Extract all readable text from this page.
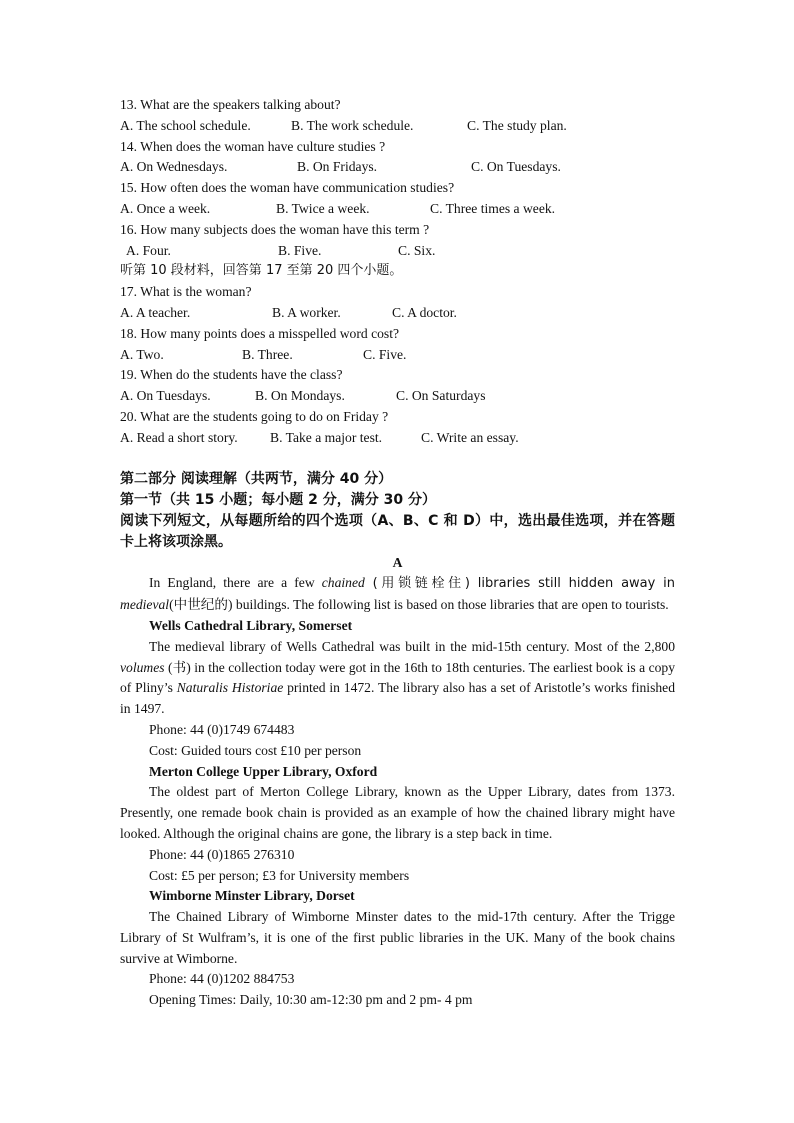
13. What are the speakers talking about?
A. The school schedule.	B. The work schedule.	C. The study plan.
14. When does the woman have culture studies ?
A. On Wednesdays.	B. On Fridays.	C. On Tuesdays.
15. How often does the woman have communication studies?
A. Once a week.	B. Twice a week.	C. Three times a week.
16. How many subjects does the woman have this term ?
A. Four.	B. Five.	C. Six.
听第 10 段材料，回答第 17 至第 20 四个小题。
17. What is the woman?
A. A teacher.	B. A worker.	C. A doctor.
18. How many points does a misspelled word cost?
A. Two.	B. Three.	C. Five.
19. When do the students have the class?
A. On Tuesdays.	B. On Mondays.	C. On Saturdays
20. What are the students going to do on Friday ?
A. Read a short story.	B. Take a major test.	C. Write an essay.
第二部分 阅读理解（共两节，满分 40 分）
第一节（共 15 小题；每小题 2 分，满分 30 分）
阅读下列短文，从每题所给的四个选项（A、B、C 和 D）中，选出最佳选项，并在答题卡上将该项涂黑。
A
In England, there are a few chained (用锁链栓住) libraries still hidden away in medieval(中世纪的) buildings. The following list is based on those libraries that are open to tourists.
Wells Cathedral Library, Somerset
The medieval library of Wells Cathedral was built in the mid-15th century. Most of the 2,800 volumes (书) in the collection today were got in the 16th to 18th centuries. The earliest book is a copy of Pliny’s Naturalis Historiae printed in 1472. The library also has a set of Aristotle’s works finished in 1497.
Phone: 44 (0)1749 674483
Cost: Guided tours cost £10 per person
Merton College Upper Library, Oxford
The oldest part of Merton College Library, known as the Upper Library, dates from 1373. Presently, one remade book chain is provided as an example of how the chained library might have looked. Although the original chains are gone, the library is a step back in time.
Phone: 44 (0)1865 276310
Cost: £5 per person; £3 for University members
Wimborne Minster Library, Dorset
The Chained Library of Wimborne Minster dates to the mid-17th century. After the Trigge Library of St Wulfram’s, it is one of the first public libraries in the UK. Many of the book chains survive at Wimborne.
Phone: 44 (0)1202 884753
Opening Times: Daily, 10:30 am-12:30 pm and 2 pm- 4 pm
